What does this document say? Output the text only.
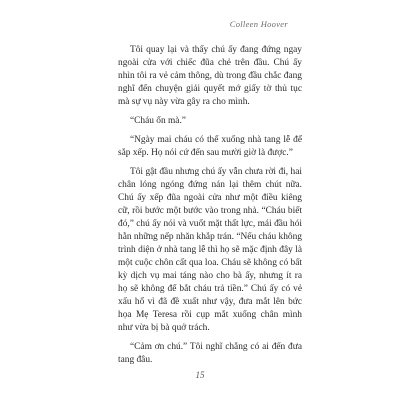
Colleen Hoover

Tôi quay lại và thấy chú ấy đang đứng ngay ngoài cửa với chiếc đũa chẻ trên đầu. Chú ấy nhìn tôi ra vẻ cảm thông, dù trong đầu chắc đang nghĩ đến chuyện giải quyết mớ giấy tờ thủ tục mà sự vụ này vừa gây ra cho mình.

“Cháu ổn mà.”

“Ngày mai cháu có thể xuống nhà tang lễ để sắp xếp. Họ nói cứ đến sau mười giờ là được.”

Tôi gật đầu nhưng chú ấy vẫn chưa rời đi, hai chân lóng ngóng đứng nán lại thêm chút nữa. Chú ấy xếp đũa ngoài cửa như một điều kiêng cữ, rồi bước một bước vào trong nhà. “Cháu biết đó,” chú ấy nói và vuốt mặt thất lực, mái đầu hói hằn những nếp nhăn khắp trán. “Nếu cháu không trình diện ở nhà tang lễ thì họ sẽ mặc định đây là một cuộc chôn cất qua loa. Cháu sẽ không có bất kỳ dịch vụ mai táng nào cho bà ấy, nhưng ít ra họ sẽ không để bắt cháu trả tiền.” Chú ấy có vẻ xấu hổ vì đã đề xuất như vậy, đưa mắt lên bức họa Mẹ Teresa rồi cụp mắt xuống chân mình như vừa bị bà quở trách.

“Cảm ơn chú.” Tôi nghĩ chẳng có ai đến đưa tang đâu.

15
